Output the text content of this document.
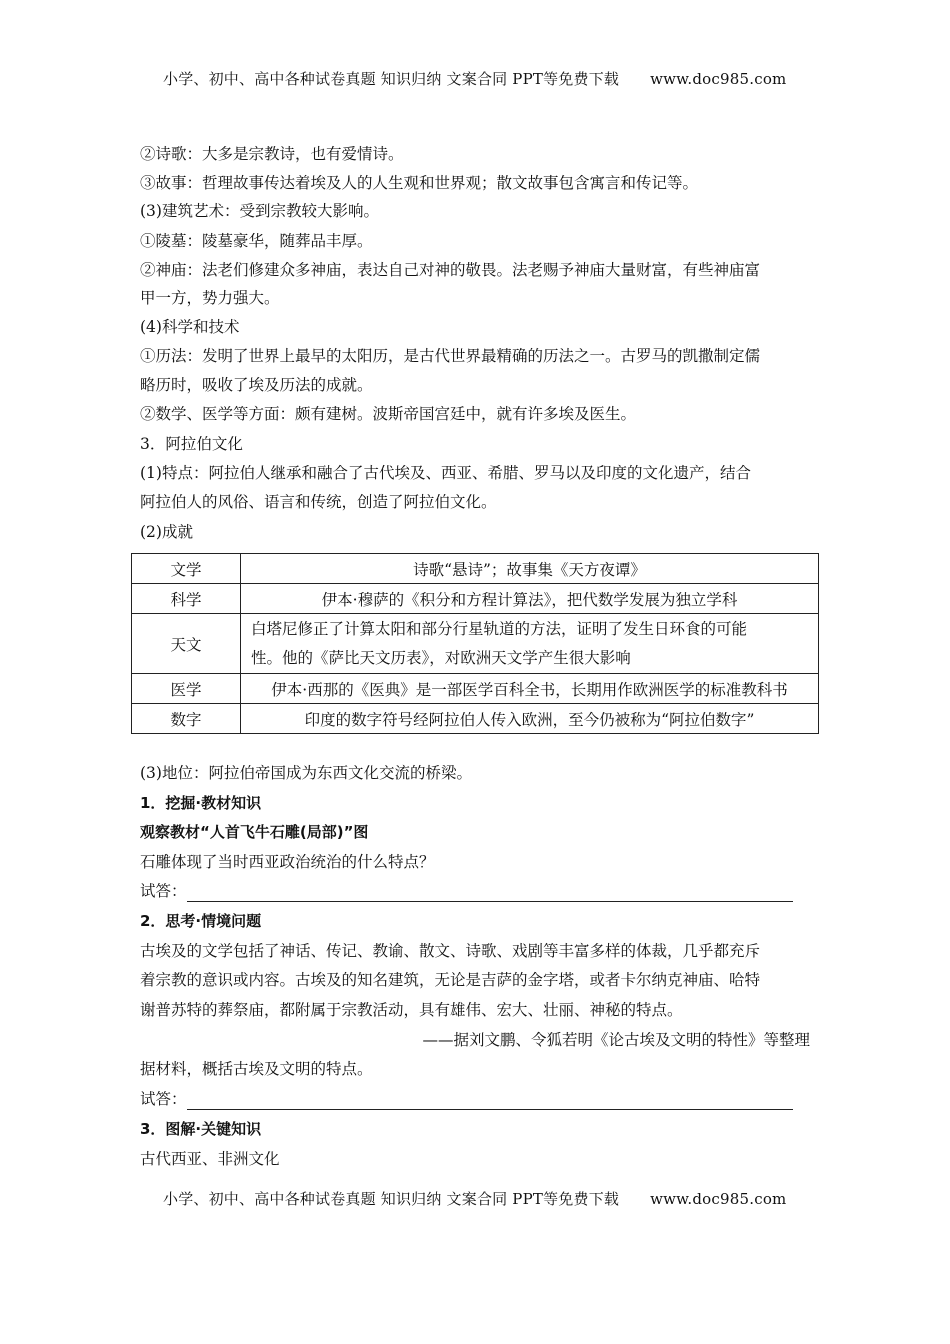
小学、初中、高中各种试卷真题 知识归纳 文案合同 PPT等免费下载 www.doc985.com
②诗歌：大多是宗教诗，也有爱情诗。
③故事：哲理故事传达着埃及人的人生观和世界观；散文故事包含寓言和传记等。
(3)建筑艺术：受到宗教较大影响。
①陵墓：陵墓豪华，随葬品丰厚。
②神庙：法老们修建众多神庙，表达自己对神的敬畏。法老赐予神庙大量财富，有些神庙富
甲一方，势力强大。
(4)科学和技术
①历法：发明了世界上最早的太阳历，是古代世界最精确的历法之一。古罗马的凯撒制定儒
略历时，吸收了埃及历法的成就。
②数学、医学等方面：颇有建树。波斯帝国宫廷中，就有许多埃及医生。
3．阿拉伯文化
(1)特点：阿拉伯人继承和融合了古代埃及、西亚、希腊、罗马以及印度的文化遗产，结合
阿拉伯人的风俗、语言和传统，创造了阿拉伯文化。
(2)成就
文学	诗歌“悬诗”；故事集《天方夜谭》
科学	伊本·穆萨的《积分和方程计算法》，把代数学发展为独立学科
天文	白塔尼修正了计算太阳和部分行星轨道的方法，证明了发生日环食的可能
性。他的《萨比天文历表》，对欧洲天文学产生很大影响

医学	伊本·西那的《医典》是一部医学百科全书，长期用作欧洲医学的标准教科书
数字	印度的数字符号经阿拉伯人传入欧洲，至今仍被称为“阿拉伯数字”
(3)地位：阿拉伯帝国成为东西文化交流的桥梁。
1．挖掘·教材知识
观察教材“人首飞牛石雕(局部)”图
石雕体现了当时西亚政治统治的什么特点？
试答：
2．思考·情境问题
古埃及的文学包括了神话、传记、教谕、散文、诗歌、戏剧等丰富多样的体裁，几乎都充斥
着宗教的意识或内容。古埃及的知名建筑，无论是吉萨的金字塔，或者卡尔纳克神庙、哈特
谢普苏特的葬祭庙，都附属于宗教活动，具有雄伟、宏大、壮丽、神秘的特点。
——据刘文鹏、令狐若明《论古埃及文明的特性》等整理
据材料，概括古埃及文明的特点。
试答：
3．图解·关键知识
古代西亚、非洲文化
小学、初中、高中各种试卷真题 知识归纳 文案合同 PPT等免费下载 www.doc985.com
